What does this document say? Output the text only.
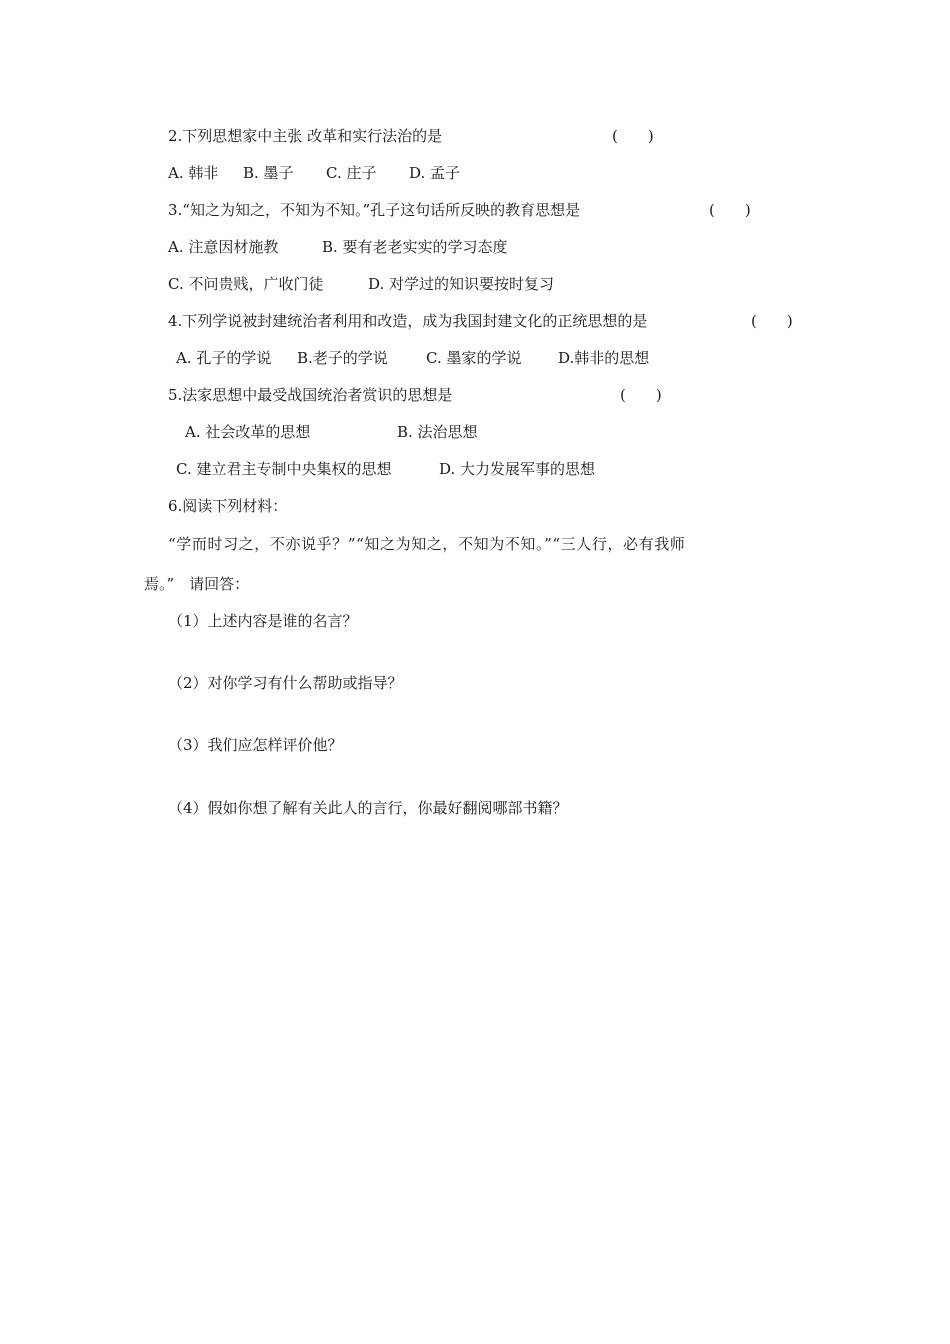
2.下列思想家中主张 改革和实行法治的是	(　　)
A. 韩非 B. 墨子 C. 庄子 D. 孟子
3.“知之为知之，不知为不知。”孔子这句话所反映的教育思想是	(　　)
A. 注意因材施教	B. 要有老老实实的学习态度
C. 不问贵贱，广收门徒	D. 对学过的知识要按时复习
4.下列学说被封建统治者利用和改造，成为我国封建文化的正统思想的是	(　　)
A. 孔子的学说 B.老子的学说	C. 墨家的学说 D.韩非的思想
5.法家思想中最受战国统治者赏识的思想是	(　　)
A. 社会改革的思想	B. 法治思想
C. 建立君主专制中央集权的思想	D. 大力发展军事的思想
6.阅读下列材料：
“学而时习之，不亦说乎？”“知之为知之，不知为不知。”“三人行，必有我师
焉。”　请回答：
（1）上述内容是谁的名言？
（2）对你学习有什么帮助或指导？
（3）我们应怎样评价他？
（4）假如你想了解有关此人的言行，你最好翻阅哪部书籍？
